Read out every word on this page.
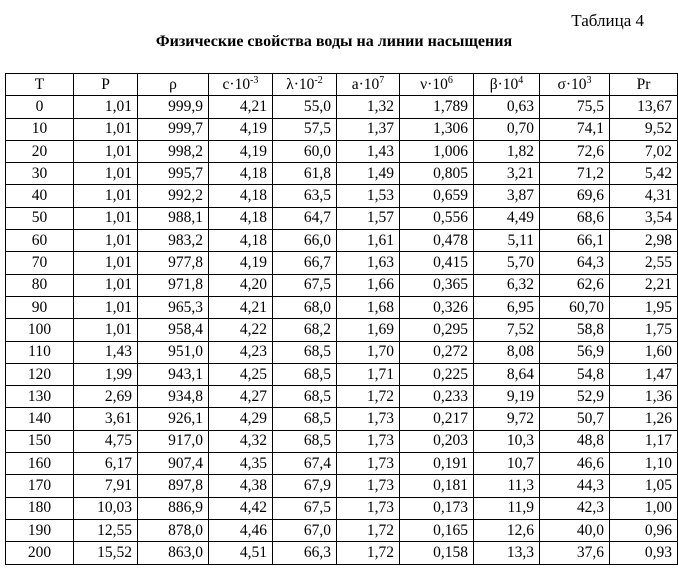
Таблица 4
Физические свойства воды на линии насыщения
T	P	ρ	$c\cdot 10^{-3}$	$\lambda\cdot 10^{-2}$	$a\cdot 10^7$	$\nu\cdot 10^6$	$\beta\cdot 10^4$	$\sigma\cdot 10^3$	Pr
0	1,01	999,9	4,21	55,0	1,32	1,789	0,63	75,5	13,67
10	1,01	999,7	4,19	57,5	1,37	1,306	0,70	74,1	9,52
20	1,01	998,2	4,19	60,0	1,43	1,006	1,82	72,6	7,02
30	1,01	995,7	4,18	61,8	1,49	0,805	3,21	71,2	5,42
40	1,01	992,2	4,18	63,5	1,53	0,659	3,87	69,6	4,31
50	1,01	988,1	4,18	64,7	1,57	0,556	4,49	68,6	3,54
60	1,01	983,2	4,18	66,0	1,61	0,478	5,11	66,1	2,98
70	1,01	977,8	4,19	66,7	1,63	0,415	5,70	64,3	2,55
80	1,01	971,8	4,20	67,5	1,66	0,365	6,32	62,6	2,21
90	1,01	965,3	4,21	68,0	1,68	0,326	6,95	60,70	1,95
100	1,01	958,4	4,22	68,2	1,69	0,295	7,52	58,8	1,75
110	1,43	951,0	4,23	68,5	1,70	0,272	8,08	56,9	1,60
120	1,99	943,1	4,25	68,5	1,71	0,225	8,64	54,8	1,47
130	2,69	934,8	4,27	68,5	1,72	0,233	9,19	52,9	1,36
140	3,61	926,1	4,29	68,5	1,73	0,217	9,72	50,7	1,26
150	4,75	917,0	4,32	68,5	1,73	0,203	10,3	48,8	1,17
160	6,17	907,4	4,35	67,4	1,73	0,191	10,7	46,6	1,10
170	7,91	897,8	4,38	67,9	1,73	0,181	11,3	44,3	1,05
180	10,03	886,9	4,42	67,5	1,73	0,173	11,9	42,3	1,00
190	12,55	878,0	4,46	67,0	1,72	0,165	12,6	40,0	0,96
200	15,52	863,0	4,51	66,3	1,72	0,158	13,3	37,6	0,93
